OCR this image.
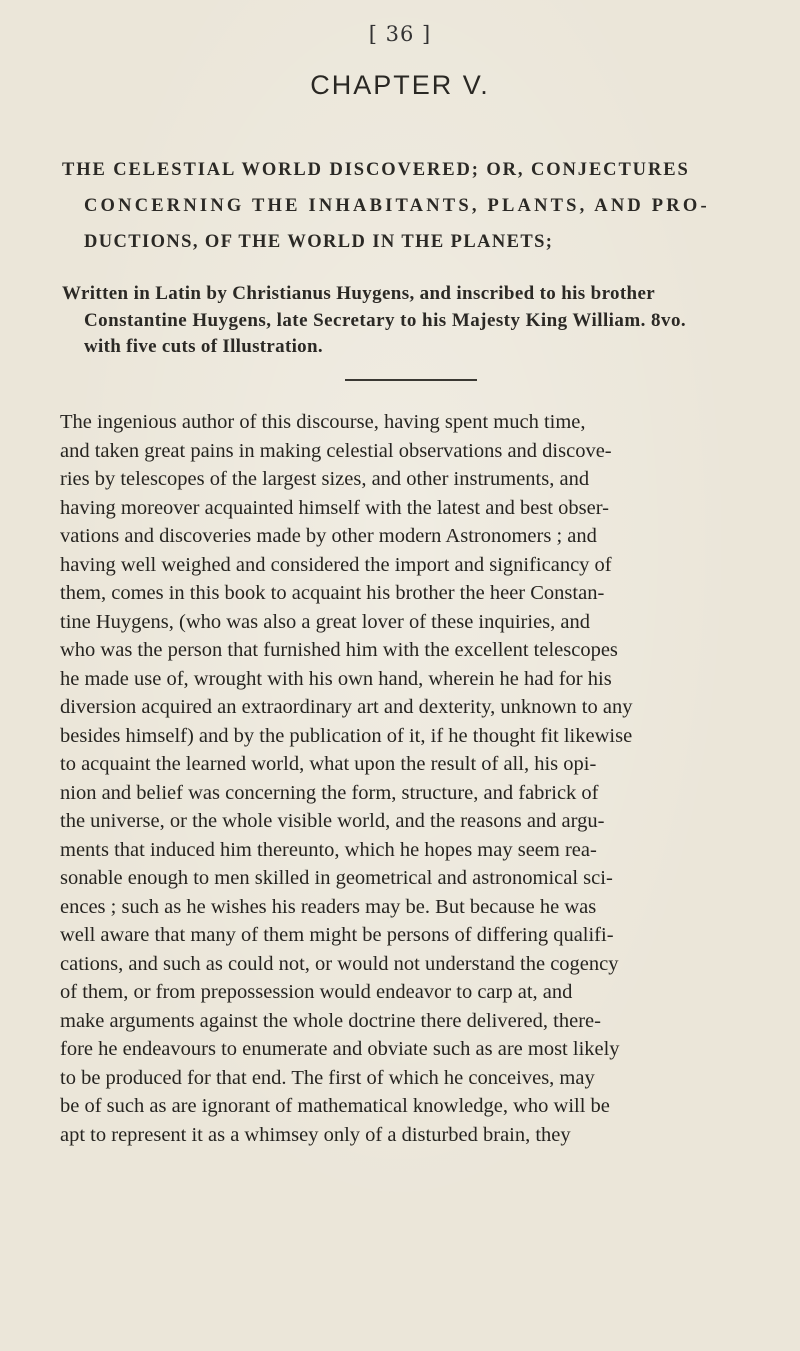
[ 36 ]
CHAPTER V.
THE CELESTIAL WORLD DISCOVERED; OR, CONJECTURES
CONCERNING THE INHABITANTS, PLANTS, AND PRO-
DUCTIONS, OF THE WORLD IN THE PLANETS;
Written in Latin by Christianus Huygens, and inscribed to his brother
Constantine Huygens, late Secretary to his Majesty King William. 8vo.
with five cuts of Illustration.
The ingenious author of this discourse, having spent much time,
and taken great pains in making celestial observations and discove-
ries by telescopes of the largest sizes, and other instruments, and
having moreover acquainted himself with the latest and best obser-
vations and discoveries made by other modern Astronomers ; and
having well weighed and considered the import and significancy of
them, comes in this book to acquaint his brother the heer Constan-
tine Huygens, (who was also a great lover of these inquiries, and
who was the person that furnished him with the excellent telescopes
he made use of, wrought with his own hand, wherein he had for his
diversion acquired an extraordinary art and dexterity, unknown to any
besides himself) and by the publication of it, if he thought fit likewise
to acquaint the learned world, what upon the result of all, his opi-
nion and belief was concerning the form, structure, and fabrick of
the universe, or the whole visible world, and the reasons and argu-
ments that induced him thereunto, which he hopes may seem rea-
sonable enough to men skilled in geometrical and astronomical sci-
ences ; such as he wishes his readers may be. But because he was
well aware that many of them might be persons of differing qualifi-
cations, and such as could not, or would not understand the cogency
of them, or from prepossession would endeavor to carp at, and
make arguments against the whole doctrine there delivered, there-
fore he endeavours to enumerate and obviate such as are most likely
to be produced for that end. The first of which he conceives, may
be of such as are ignorant of mathematical knowledge, who will be
apt to represent it as a whimsey only of a disturbed brain, they
